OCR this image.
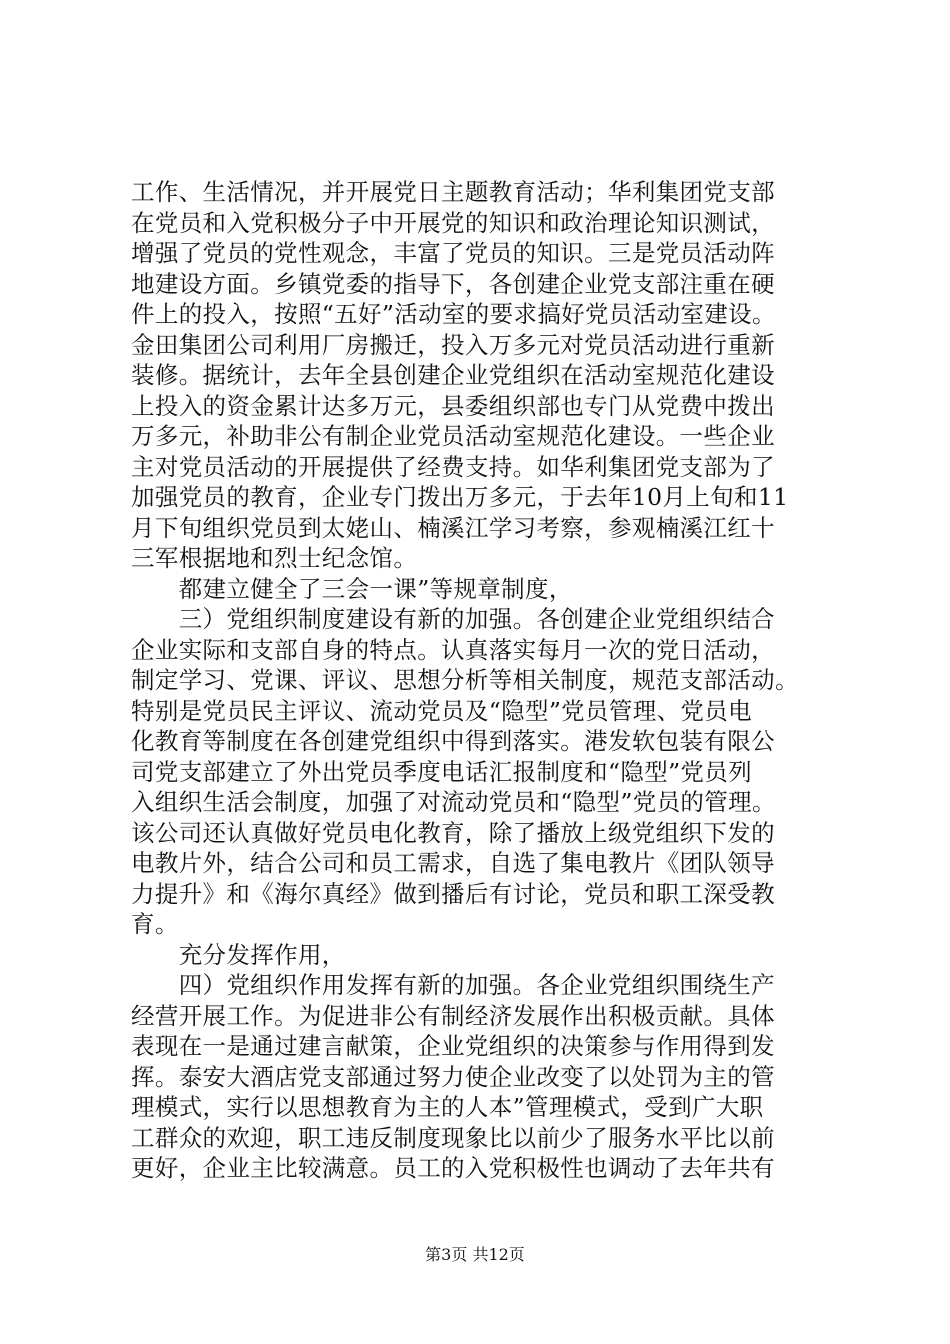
工作、生活情况，并开展党日主题教育活动；华利集团党支部
在党员和入党积极分子中开展党的知识和政治理论知识测试，
增强了党员的党性观念，丰富了党员的知识。三是党员活动阵
地建设方面。乡镇党委的指导下，各创建企业党支部注重在硬
件上的投入，按照“五好”活动室的要求搞好党员活动室建设。
金田集团公司利用厂房搬迁，投入万多元对党员活动进行重新
装修。据统计，去年全县创建企业党组织在活动室规范化建设
上投入的资金累计达多万元，县委组织部也专门从党费中拨出
万多元，补助非公有制企业党员活动室规范化建设。一些企业
主对党员活动的开展提供了经费支持。如华利集团党支部为了
加强党员的教育，企业专门拨出万多元，于去年10月上旬和11
月下旬组织党员到太姥山、楠溪江学习考察，参观楠溪江红十
三军根据地和烈士纪念馆。
　　都建立健全了三会一课”等规章制度，
　　三）党组织制度建设有新的加强。各创建企业党组织结合
企业实际和支部自身的特点。认真落实每月一次的党日活动，
制定学习、党课、评议、思想分析等相关制度，规范支部活动。
特别是党员民主评议、流动党员及“隐型”党员管理、党员电
化教育等制度在各创建党组织中得到落实。港发软包装有限公
司党支部建立了外出党员季度电话汇报制度和“隐型”党员列
入组织生活会制度，加强了对流动党员和“隐型”党员的管理。
该公司还认真做好党员电化教育，除了播放上级党组织下发的
电教片外，结合公司和员工需求，自选了集电教片《团队领导
力提升》和《海尔真经》做到播后有讨论，党员和职工深受教
育。
　　充分发挥作用，
　　四）党组织作用发挥有新的加强。各企业党组织围绕生产
经营开展工作。为促进非公有制经济发展作出积极贡献。具体
表现在一是通过建言献策，企业党组织的决策参与作用得到发
挥。泰安大酒店党支部通过努力使企业改变了以处罚为主的管
理模式，实行以思想教育为主的人本”管理模式，受到广大职
工群众的欢迎，职工违反制度现象比以前少了服务水平比以前
更好，企业主比较满意。员工的入党积极性也调动了去年共有
第3页 共12页
